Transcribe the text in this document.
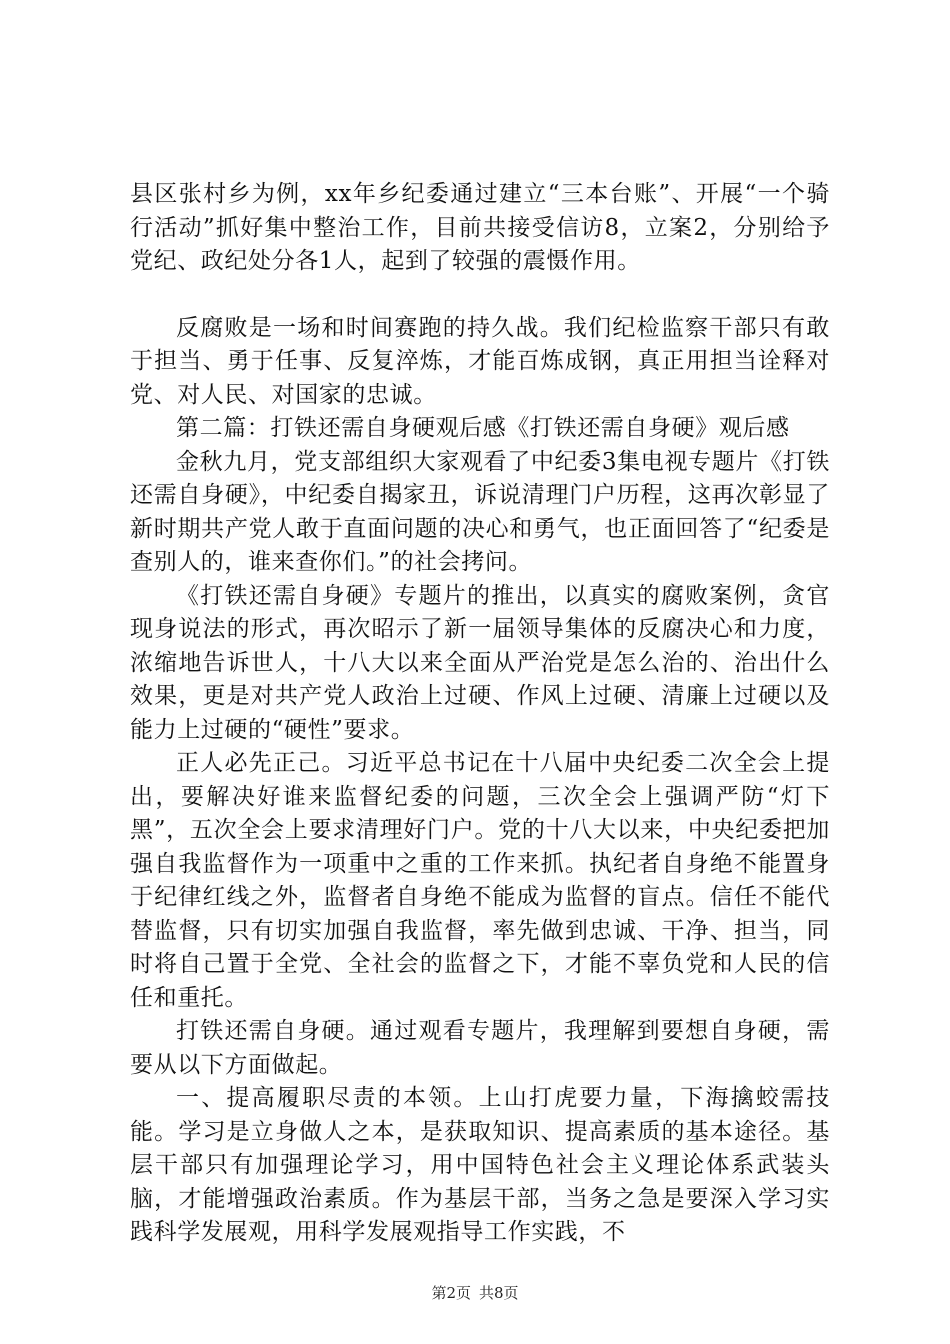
县区张村乡为例，xx年乡纪委通过建立“三本台账”、开展“一个骑行活动”抓好集中整治工作，目前共接受信访8，立案2，分别给予党纪、政纪处分各1人，起到了较强的震慑作用。

反腐败是一场和时间赛跑的持久战。我们纪检监察干部只有敢于担当、勇于任事、反复淬炼，才能百炼成钢，真正用担当诠释对党、对人民、对国家的忠诚。

第二篇：打铁还需自身硬观后感《打铁还需自身硬》观后感

金秋九月，党支部组织大家观看了中纪委3集电视专题片《打铁还需自身硬》，中纪委自揭家丑，诉说清理门户历程，这再次彰显了新时期共产党人敢于直面问题的决心和勇气，也正面回答了“纪委是查别人的，谁来查你们。”的社会拷问。

《打铁还需自身硬》专题片的推出，以真实的腐败案例，贪官现身说法的形式，再次昭示了新一届领导集体的反腐决心和力度，浓缩地告诉世人，十八大以来全面从严治党是怎么治的、治出什么效果，更是对共产党人政治上过硬、作风上过硬、清廉上过硬以及能力上过硬的“硬性”要求。

正人必先正己。习近平总书记在十八届中央纪委二次全会上提出，要解决好谁来监督纪委的问题，三次全会上强调严防“灯下黑”，五次全会上要求清理好门户。党的十八大以来，中央纪委把加强自我监督作为一项重中之重的工作来抓。执纪者自身绝不能置身于纪律红线之外，监督者自身绝不能成为监督的盲点。信任不能代替监督，只有切实加强自我监督，率先做到忠诚、干净、担当，同时将自己置于全党、全社会的监督之下，才能不辜负党和人民的信任和重托。

打铁还需自身硬。通过观看专题片，我理解到要想自身硬，需要从以下方面做起。

一、提高履职尽责的本领。上山打虎要力量，下海擒蛟需技能。学习是立身做人之本，是获取知识、提高素质的基本途径。基层干部只有加强理论学习，用中国特色社会主义理论体系武装头脑，才能增强政治素质。作为基层干部，当务之急是要深入学习实践科学发展观，用科学发展观指导工作实践，不

第2页 共8页
